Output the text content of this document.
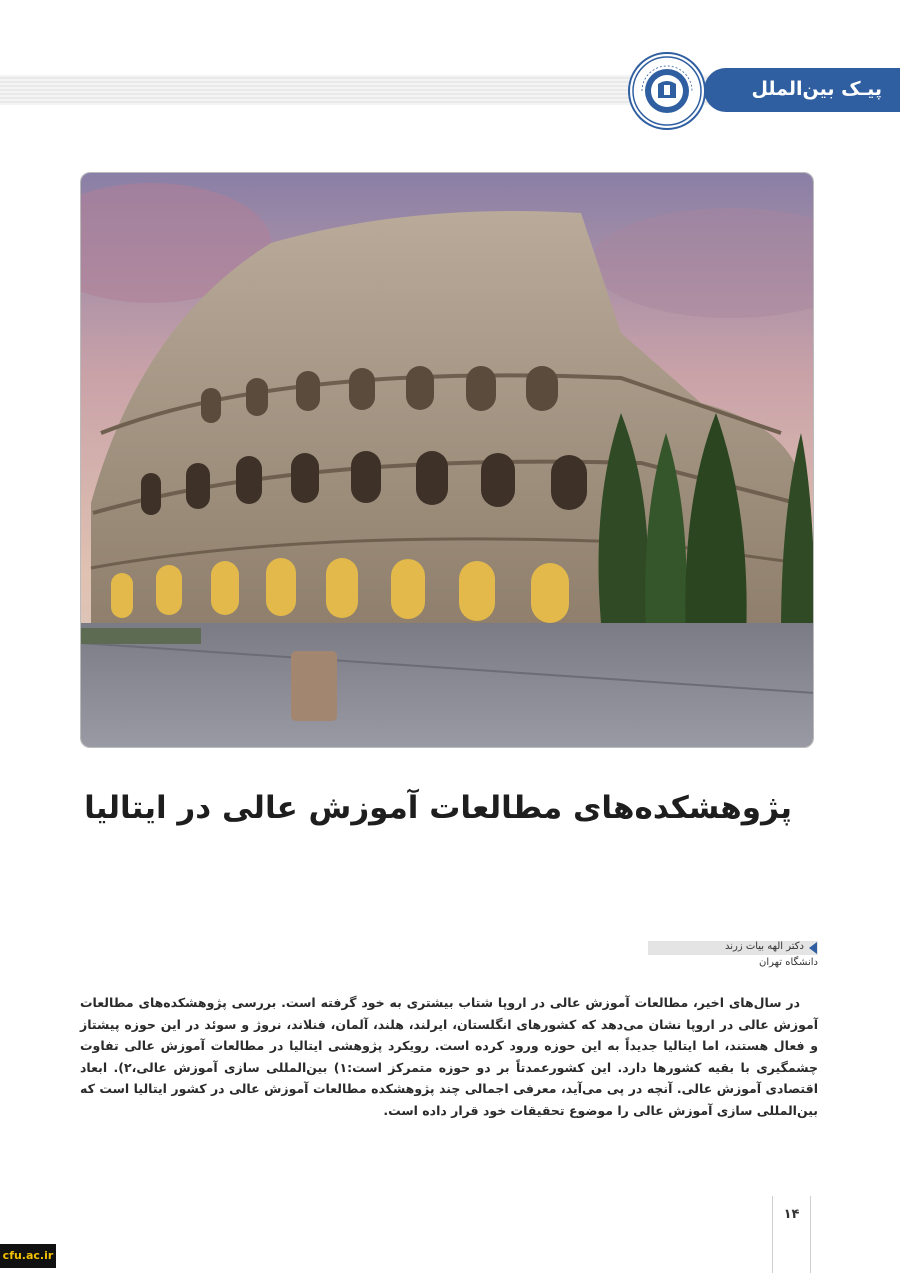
پیـک بین‌الملل
پژوهشکده‌های مطالعات آموزش عالی در ایتالیا
دکتر الهه بیات زرند
دانشگاه تهران

در سال‌های اخیر، مطالعات آموزش عالی در اروپا شتاب بیشتری به خود گرفته است. بررسی پژوهشکده‌های مطالعات آموزش عالی در اروپا نشان می‌دهد که کشورهای انگلستان، ایرلند، هلند، آلمان، فنلاند، نروژ و سوئد در این حوزه پیشتاز و فعال هستند، اما ایتالیا جدیداً به این حوزه ورود کرده است. رویکرد پژوهشی ایتالیا در مطالعات آموزش عالی تفاوت چشمگیری با بقیه کشورها دارد. این کشورعمدتاً بر دو حوزه متمرکز است:۱) بین‌المللی سازی آموزش عالی،۲). ابعاد اقتصادی آموزش عالی. آنچه در پی می‌آید، معرفی اجمالی چند پژوهشکده مطالعات آموزش عالی در کشور ایتالیا است که بین‌المللی سازی آموزش عالی را موضوع تحقیقات خود قرار داده است.

۱۴
cfu.ac.ir
